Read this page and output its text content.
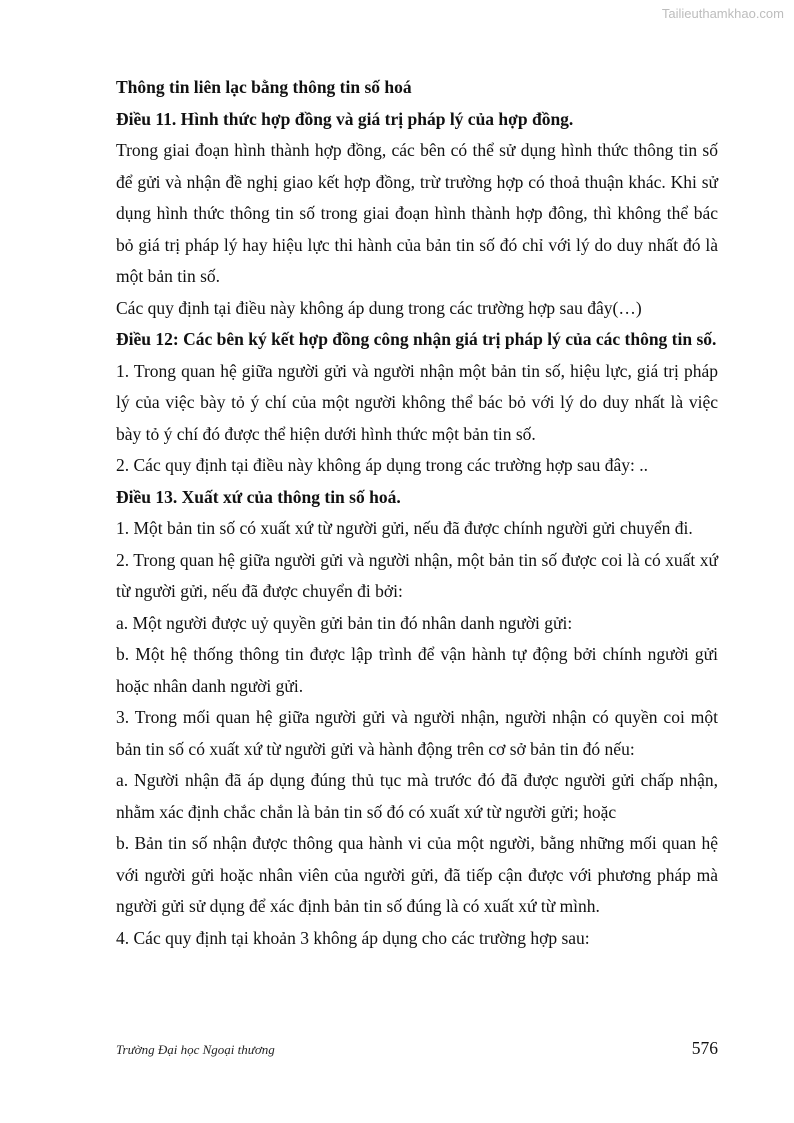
Tailieuthamkhao.com

Thông tin liên lạc bằng thông tin số hoá

Điều 11. Hình thức hợp đồng và giá trị pháp lý của hợp đồng.

Trong giai đoạn hình thành hợp đồng, các bên có thể sử dụng hình thức thông tin số để gửi và nhận đề nghị giao kết hợp đồng, trừ trường hợp có thoả thuận khác. Khi sử dụng hình thức thông tin số trong giai đoạn hình thành hợp đông, thì không thể bác bỏ giá trị pháp lý hay hiệu lực thi hành của bản tin số đó chỉ với lý do duy nhất đó là một bản tin số.

Các quy định tại điều này không áp dung trong các trường hợp sau đây(…)

Điều 12: Các bên ký kết hợp đồng công nhận giá trị pháp lý của các thông tin số.

1. Trong quan hệ giữa người gửi và người nhận một bản tin số, hiệu lực, giá trị pháp lý của việc bày tỏ ý chí của một người không thể bác bỏ với lý do duy nhất là việc bày tỏ ý chí đó được thể hiện dưới hình thức một bản tin số.

2. Các quy định tại điều này không áp dụng trong các trường hợp sau đây: ..

Điều 13. Xuất xứ của thông tin số hoá.

1. Một bản tin số có xuất xứ từ người gửi, nếu đã được chính người gửi chuyển đi.

2. Trong quan hệ giữa người gửi và người nhận, một bản tin số được coi là có xuất xứ từ người gửi, nếu đã được chuyển đi bởi:

a. Một người được uỷ quyền gửi bản tin đó nhân danh người gửi:

b. Một hệ thống thông tin được lập trình để vận hành tự động bởi chính người gửi hoặc nhân danh người gửi.

3. Trong mối quan hệ giữa người gửi và người nhận, người nhận có quyền coi một bản tin số có xuất xứ từ người gửi và hành động trên cơ sở bản tin đó nếu:

a. Người nhận đã áp dụng đúng thủ tục mà trước đó đã được người gửi chấp nhận, nhằm xác định chắc chắn là bản tin số đó có xuất xứ từ người gửi; hoặc

b. Bản tin số nhận được thông qua hành vi của một người, bằng những mối quan hệ với người gửi hoặc nhân viên của người gửi, đã tiếp cận được với phương pháp mà người gửi sử dụng để xác định bản tin số đúng là có xuất xứ từ mình.

4. Các quy định tại khoản 3 không áp dụng cho các trường hợp sau:

Trường Đại học Ngoại thương	576
